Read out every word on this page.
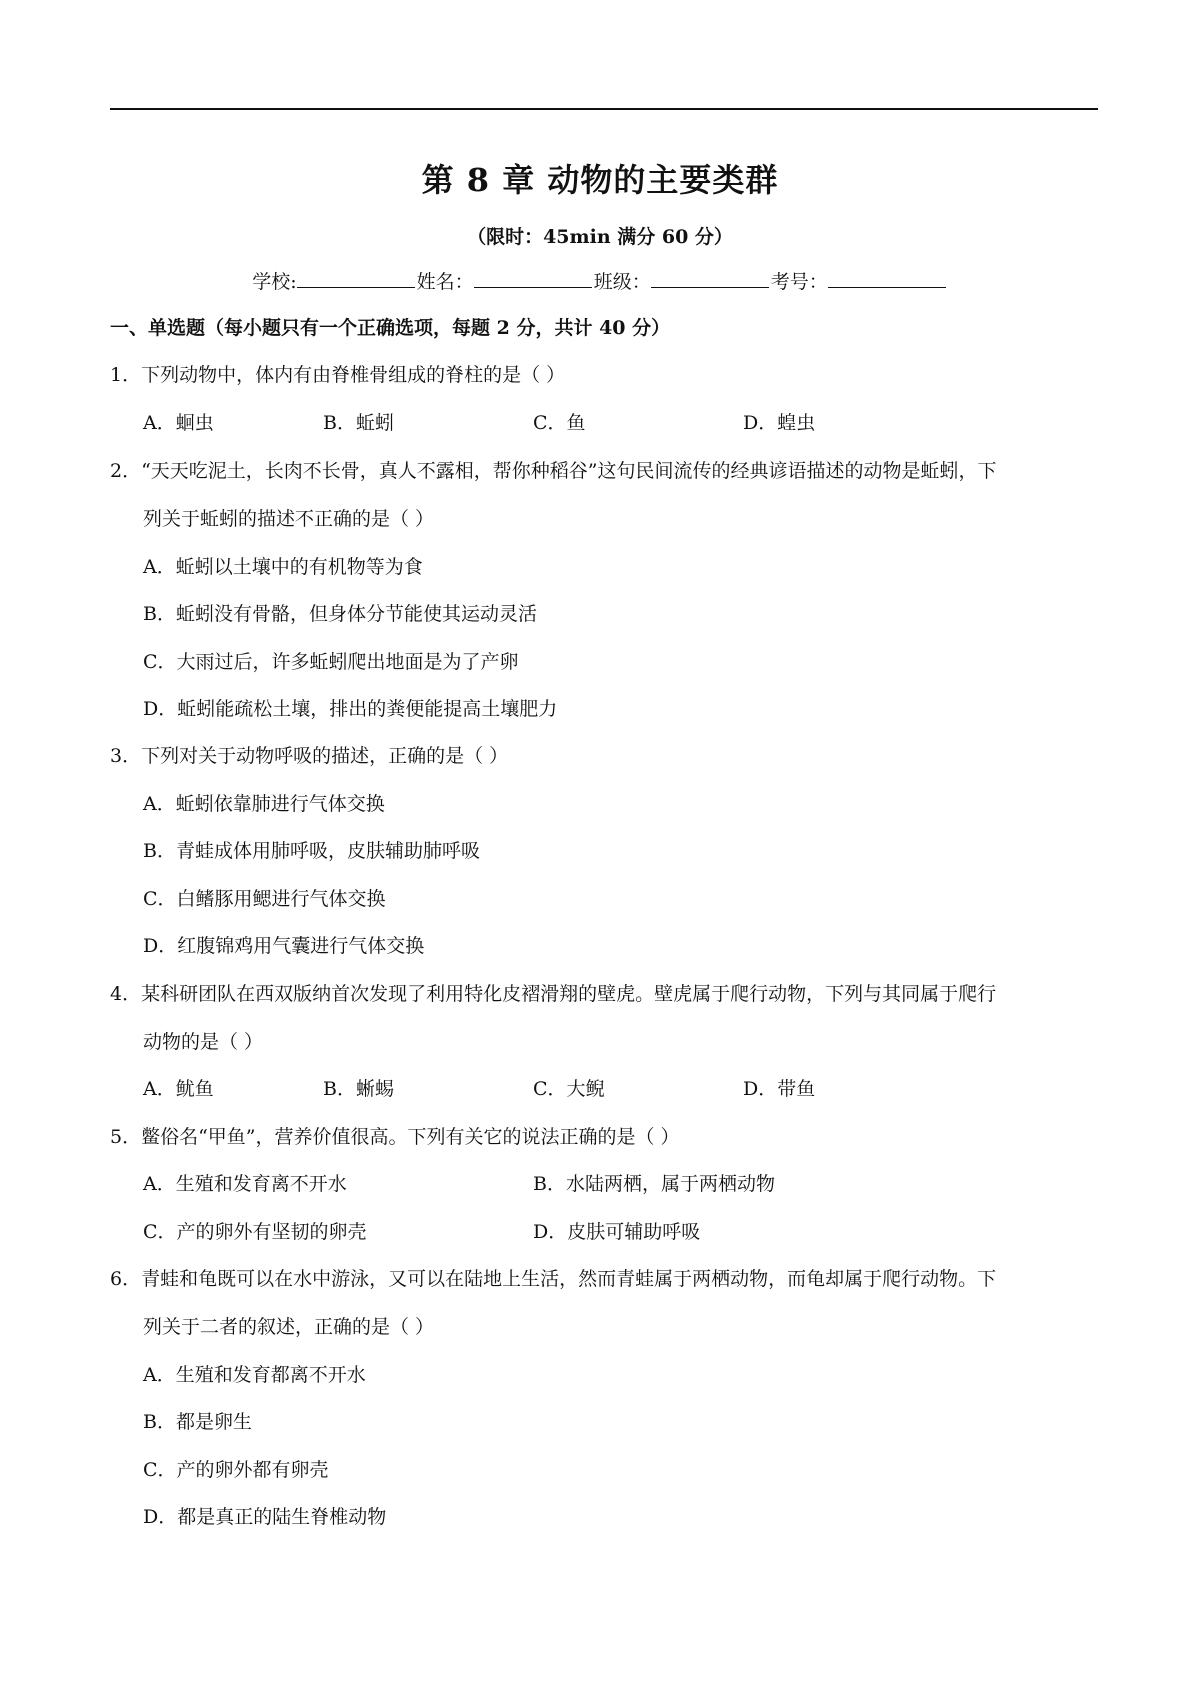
第 8 章 动物的主要类群
（限时：45min 满分 60 分）
学校:	姓名：	班级：	考号：
一、单选题（每小题只有一个正确选项，每题 2 分，共计 40 分）
1．下列动物中，体内有由脊椎骨组成的脊柱的是（ ）
A．蛔虫	B．蚯蚓	C．鱼	D．蝗虫
2．“天天吃泥土，长肉不长骨，真人不露相，帮你种稻谷”这句民间流传的经典谚语描述的动物是蚯蚓，下
列关于蚯蚓的描述不正确的是（ ）
A．蚯蚓以土壤中的有机物等为食
B．蚯蚓没有骨骼，但身体分节能使其运动灵活
C．大雨过后，许多蚯蚓爬出地面是为了产卵
D．蚯蚓能疏松土壤，排出的粪便能提高土壤肥力
3．下列对关于动物呼吸的描述，正确的是（ ）
A．蚯蚓依靠肺进行气体交换
B．青蛙成体用肺呼吸，皮肤辅助肺呼吸
C．白鳍豚用鳃进行气体交换
D．红腹锦鸡用气囊进行气体交换
4．某科研团队在西双版纳首次发现了利用特化皮褶滑翔的壁虎。壁虎属于爬行动物，下列与其同属于爬行
动物的是（ ）
A．鱿鱼	B．蜥蜴	C．大鲵	D．带鱼
5．鳖俗名“甲鱼”，营养价值很高。下列有关它的说法正确的是（ ）
A．生殖和发育离不开水	B．水陆两栖，属于两栖动物
C．产的卵外有坚韧的卵壳	D．皮肤可辅助呼吸
6．青蛙和龟既可以在水中游泳，又可以在陆地上生活，然而青蛙属于两栖动物，而龟却属于爬行动物。下
列关于二者的叙述，正确的是（ ）
A．生殖和发育都离不开水
B．都是卵生
C．产的卵外都有卵壳
D．都是真正的陆生脊椎动物
